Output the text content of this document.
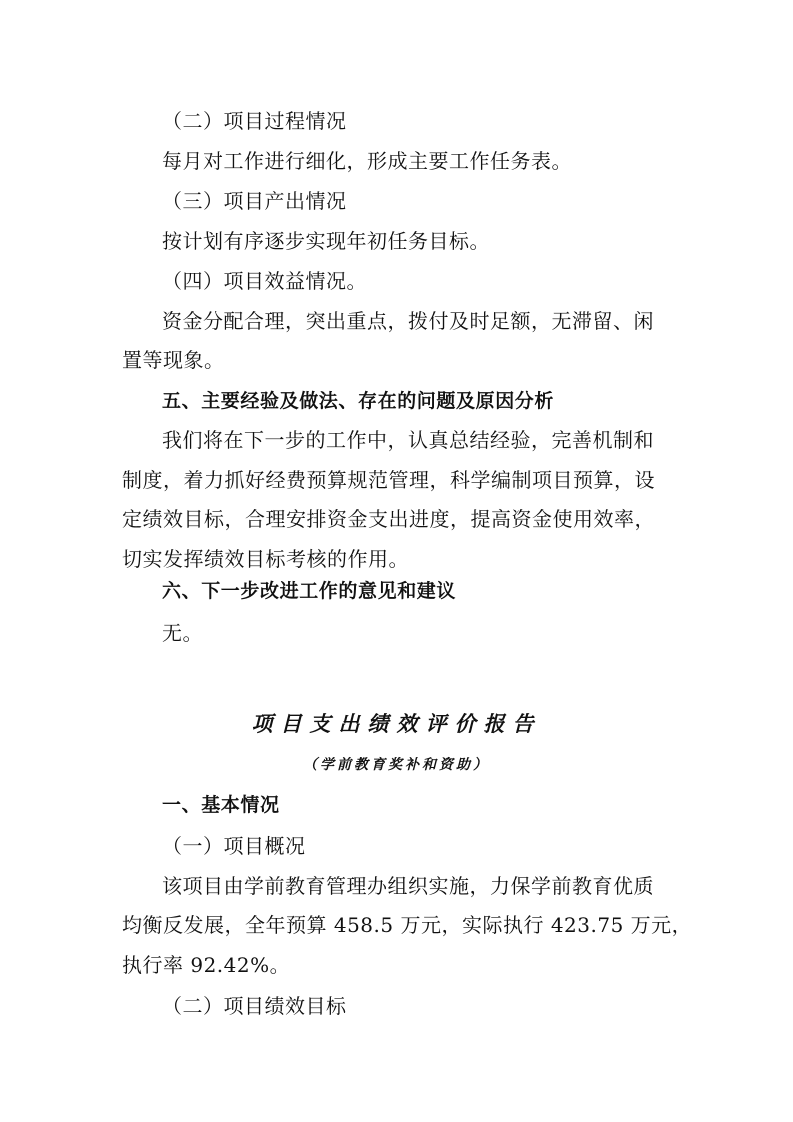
（二）项目过程情况
每月对工作进行细化，形成主要工作任务表。
（三）项目产出情况
按计划有序逐步实现年初任务目标。
（四）项目效益情况。
资金分配合理，突出重点，拨付及时足额，无滞留、闲
置等现象。
五、主要经验及做法、存在的问题及原因分析
我们将在下一步的工作中，认真总结经验，完善机制和
制度，着力抓好经费预算规范管理，科学编制项目预算，设
定绩效目标，合理安排资金支出进度，提高资金使用效率，
切实发挥绩效目标考核的作用。
六、下一步改进工作的意见和建议
无。
项目支出绩效评价报告
（学前教育奖补和资助）
一、基本情况
（一）项目概况
该项目由学前教育管理办组织实施，力保学前教育优质
均衡反发展，全年预算 458.5 万元，实际执行 423.75 万元，
执行率 92.42%。
（二）项目绩效目标
